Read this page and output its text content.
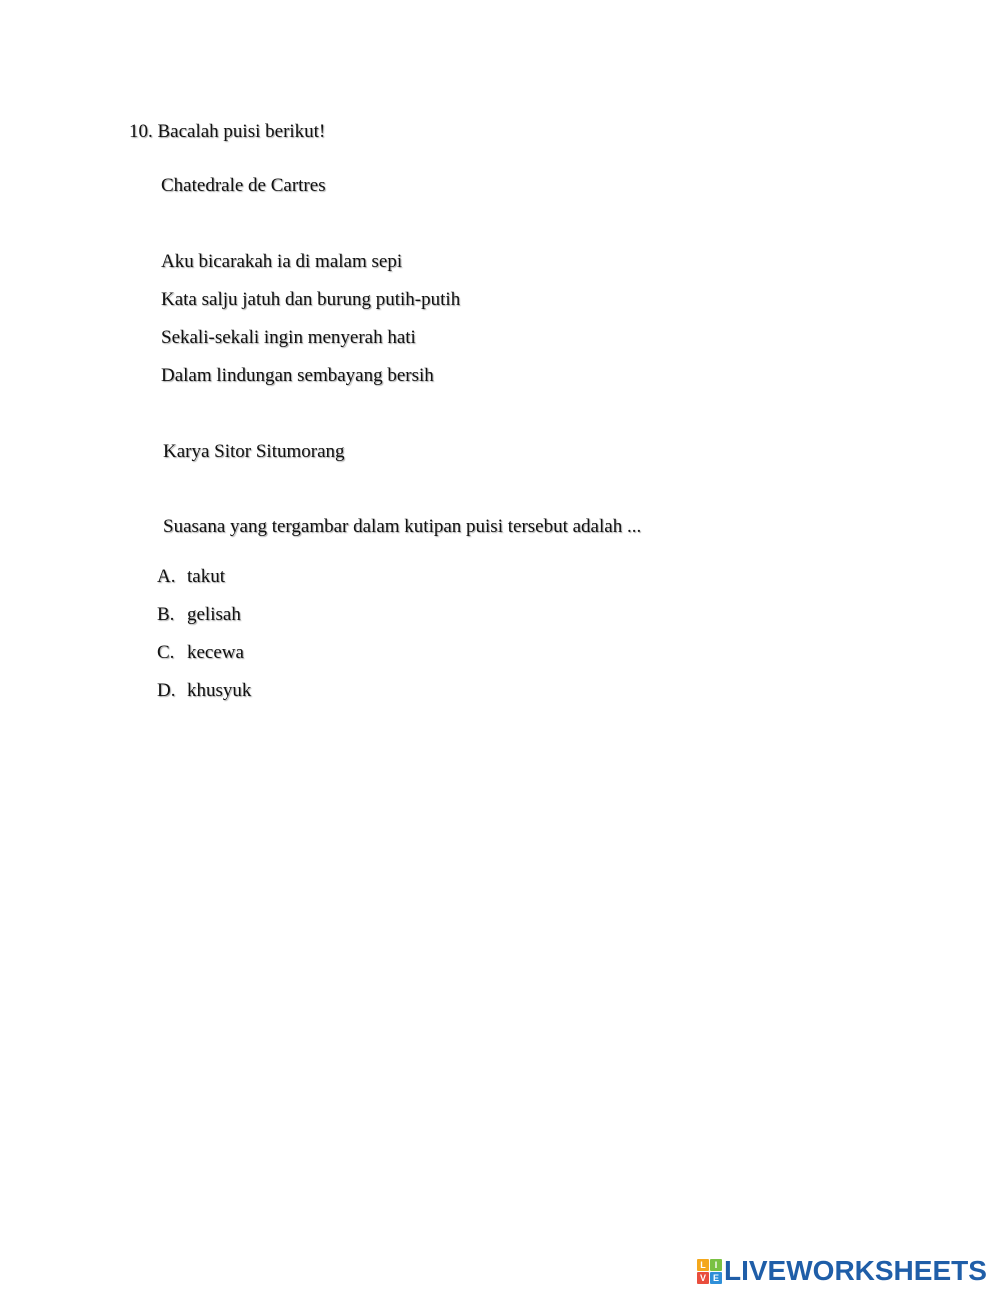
10. Bacalah puisi berikut!
Chatedrale de Cartres
Aku bicarakah ia di malam sepi
Kata salju jatuh dan burung putih-putih
Sekali-sekali ingin menyerah hati
Dalam lindungan sembayang bersih
Karya Sitor Situmorang
Suasana yang tergambar dalam kutipan puisi tersebut adalah ...
A. takut
B. gelisah
C. kecewa
D. khusyuk
L I
V E LIVEWORKSHEETS
